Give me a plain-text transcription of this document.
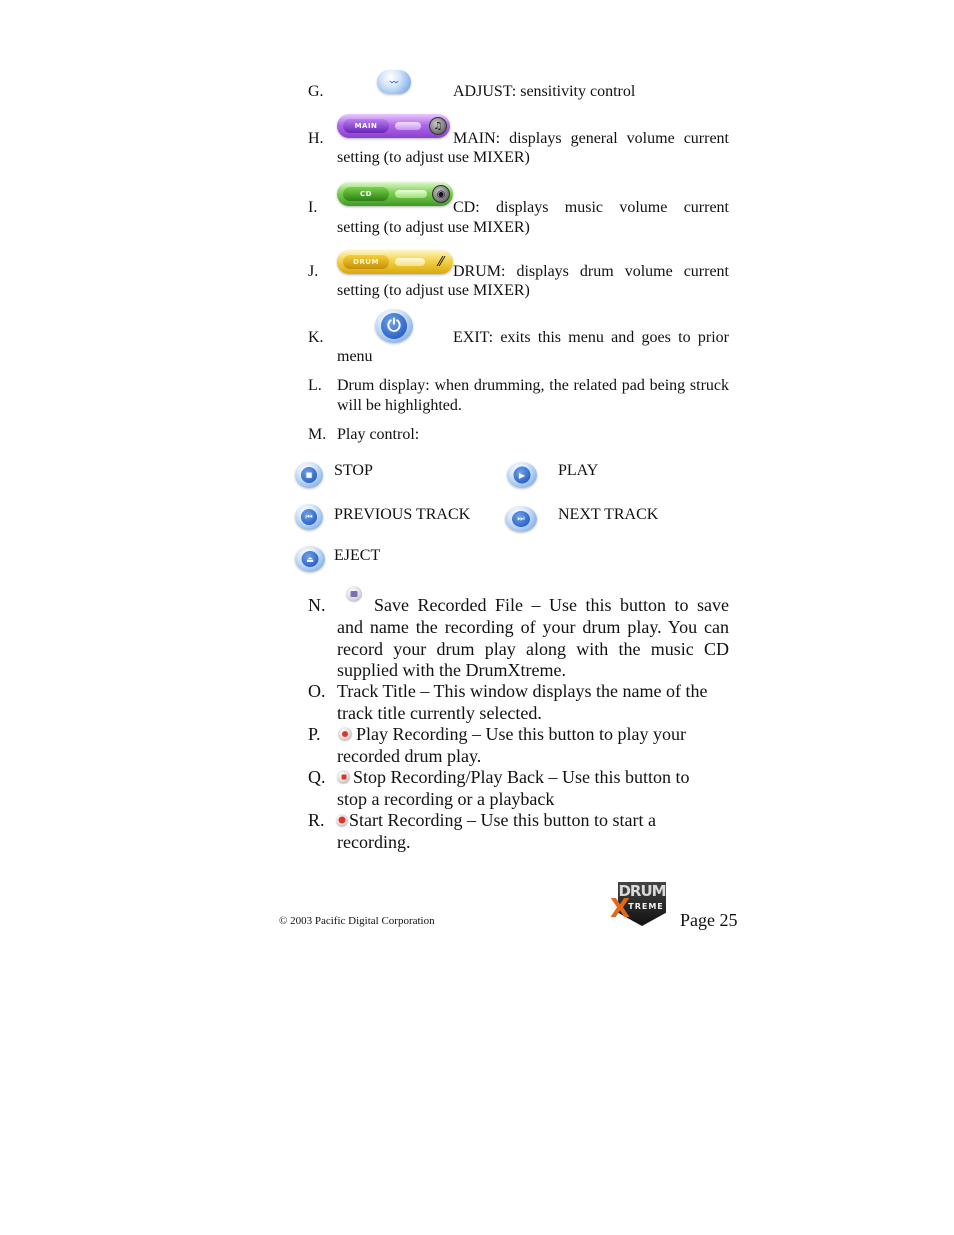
G.
〰
ADJUST: sensitivity control
H.
MAIN	♫
MAIN: displays general volume current
setting (to adjust use MIXER)
I.
CD	◉
CD:  displays  music  volume  current
setting (to adjust use MIXER)
J.
DRUM	⁄⁄
DRUM: displays drum volume current
setting (to adjust use MIXER)
K.
⏻
EXIT: exits this menu and goes to prior
menu
L. Drum display: when drumming, the related pad being struck will be highlighted.
M. Play control:
■	STOP	▶	PLAY
⏮	PREVIOUS TRACK	⏭	NEXT TRACK
⏏	EJECT
N.	Save Recorded File – Use this button to save
and name the recording of your drum play. You can record your drum play along with the music CD supplied with the DrumXtreme.
O. Track Title – This window displays the name of the
track title currently selected.
P. Play Recording – Use this button to play your
recorded drum play.
Q. Stop Recording/Play Back – Use this button to
stop a recording or a playback
R. Start Recording – Use this button to start a
recording.
© 2003 Pacific Digital Corporation
DRUM
X
TREME
Page 25
